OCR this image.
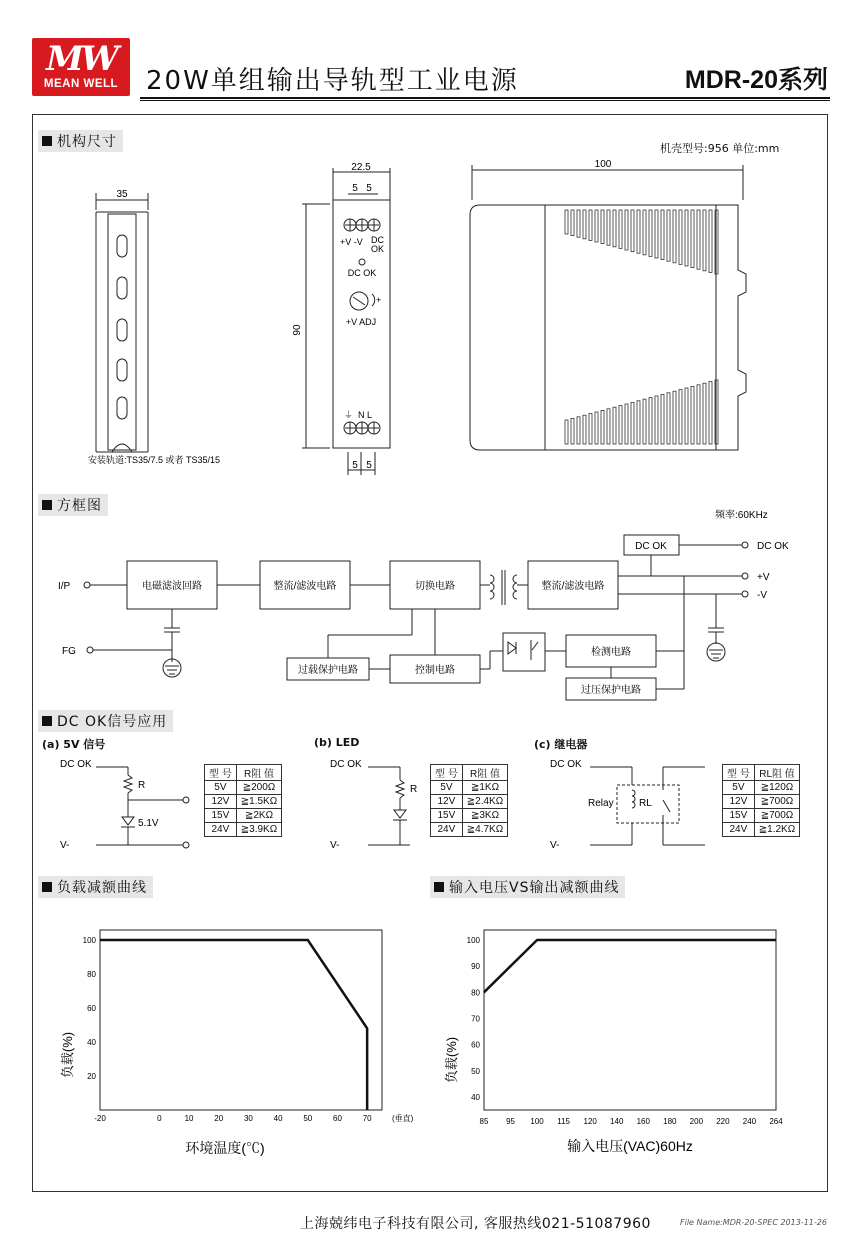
MW
MEAN WELL	20W单组输出导轨型工业电源	MDR-20系列
机构尺寸	机壳型号:956 单位:mm
35
安装轨道:TS35/7.5 或者 TS35/15
22.5
5 5
90
+V -V DC
OK
DC OK
+
+V ADJ
⏚ N L
5 5
100
电磁滤波回路	整流/滤波电路	切换电路	整流/滤波电路
DC OK	DC OK
+V
-V
I/P
FG	检测电路
过压保护电路
控制电路
过载保护电路
频率:60KHz
DC OK
R
5.1V
V-
DC OK
R
V-
DC OK
Relay	RL
V-
方框图
DC OK信号应用
(a) 5V 信号	(b) LED	(c) 继电器
型 号	R阻 值
5V	≧200Ω
12V	≧1.5KΩ
15V	≧2KΩ
24V	≧3.9KΩ
型 号	R阻 值
5V	≧1KΩ
12V	≧2.4KΩ
15V	≧3KΩ
24V	≧4.7KΩ
型 号	RL阻 值
5V	≧120Ω
12V	≧700Ω
15V	≧700Ω
24V	≧1.2KΩ
负载减额曲线	输入电压VS输出减额曲线
20
40
60
80
100
-20	0	10	20	30	40	50	60	70	(垂直)
环境温度(℃)
负载(%)
40
50
60
70
80
90
100
85 95 100 115 120 140 160 180 200 220 240 264
输入电压(VAC)60Hz
负载(%)
上海兢纬电子科技有限公司, 客服热线021-51087960	File Name:MDR-20-SPEC 2013-11-26
